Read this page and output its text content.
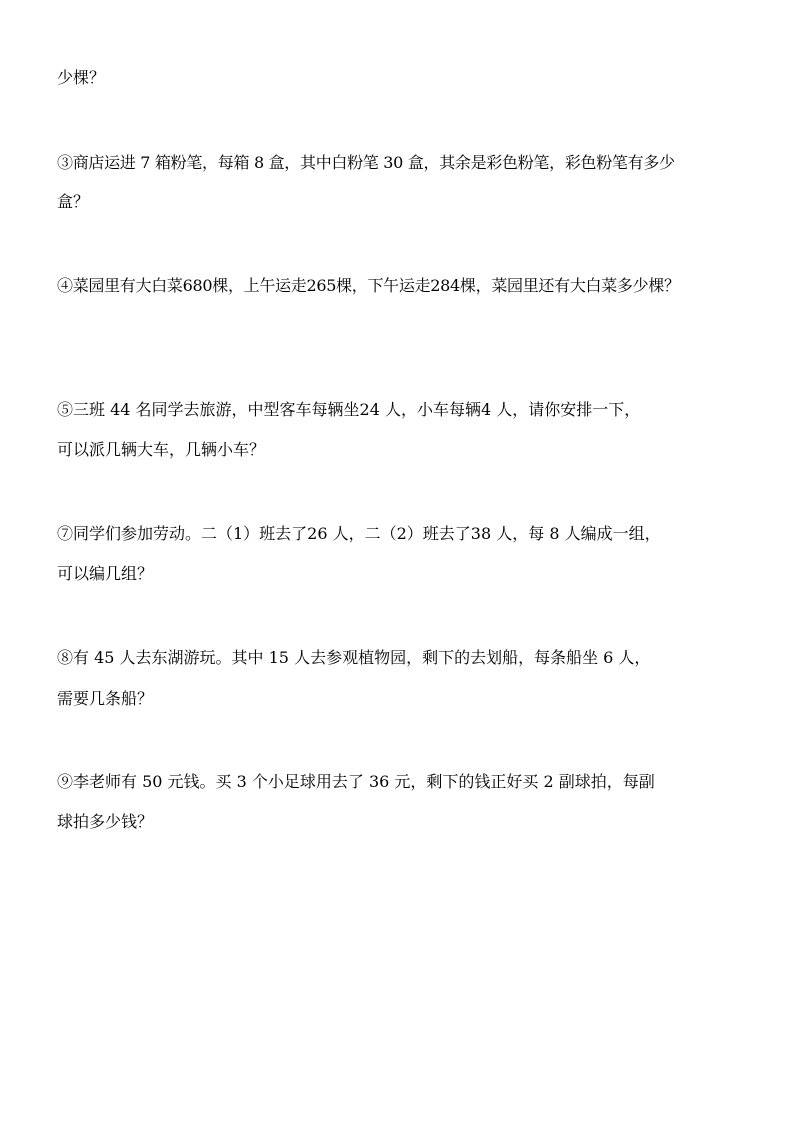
少棵？
③商店运进 7 箱粉笔，每箱 8 盒，其中白粉笔 30 盒，其余是彩色粉笔，彩色粉笔有多少
盒？
④菜园里有大白菜680棵，上午运走265棵，下午运走284棵，菜园里还有大白菜多少棵？
⑤三班 44 名同学去旅游，中型客车每辆坐24 人，小车每辆4 人，请你安排一下，
可以派几辆大车，几辆小车？
⑦同学们参加劳动。二（1）班去了26 人，二（2）班去了38 人，每 8 人编成一组，
可以编几组？
⑧有 45 人去东湖游玩。其中 15 人去参观植物园，剩下的去划船，每条船坐 6 人，
需要几条船？
⑨李老师有 50 元钱。买 3 个小足球用去了 36 元，剩下的钱正好买 2 副球拍，每副
球拍多少钱？
